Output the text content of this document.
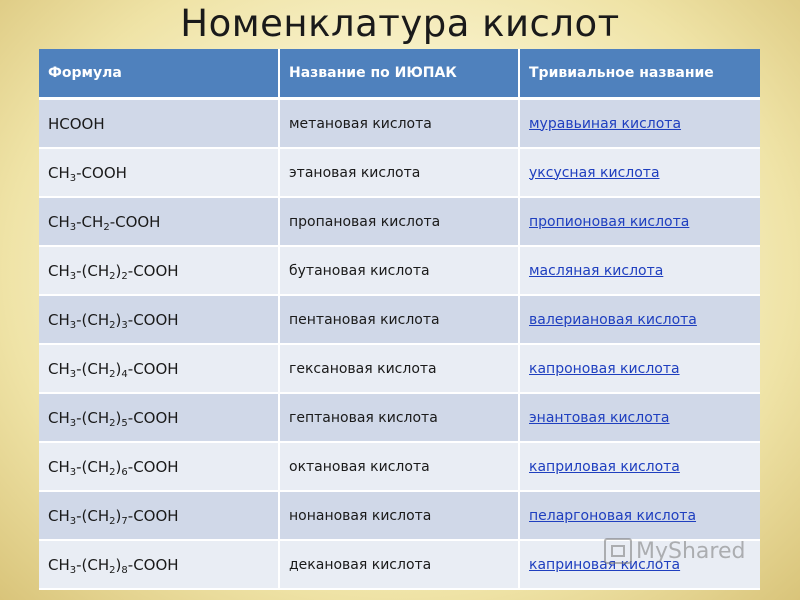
Номенклатура кислот
Формула	Название по ИЮПАК	Тривиальное название
HCOOH	метановая кислота	муравьиная кислота
$CH_3$-COOH	этановая кислота	уксусная кислота
$CH_3-CH_2$-COOH	пропановая кислота	пропионовая кислота
$CH_3-(CH_2)_2$-COOH	бутановая кислота	масляная кислота
$CH_3-(CH_2)_3$-COOH	пентановая кислота	валериановая кислота
$CH_3-(CH_2)_4$-COOH	гексановая кислота	капроновая кислота
$CH_3-(CH_2)_5$-COOH	гептановая кислота	энантовая кислота
$CH_3-(CH_2)_6$-COOH	октановая кислота	каприловая кислота
$CH_3-(CH_2)_7$-COOH	нонановая кислота	пеларгоновая кислота
$CH_3-(CH_2)_8$-COOH	декановая кислота	каприновая кислота
MyShared
